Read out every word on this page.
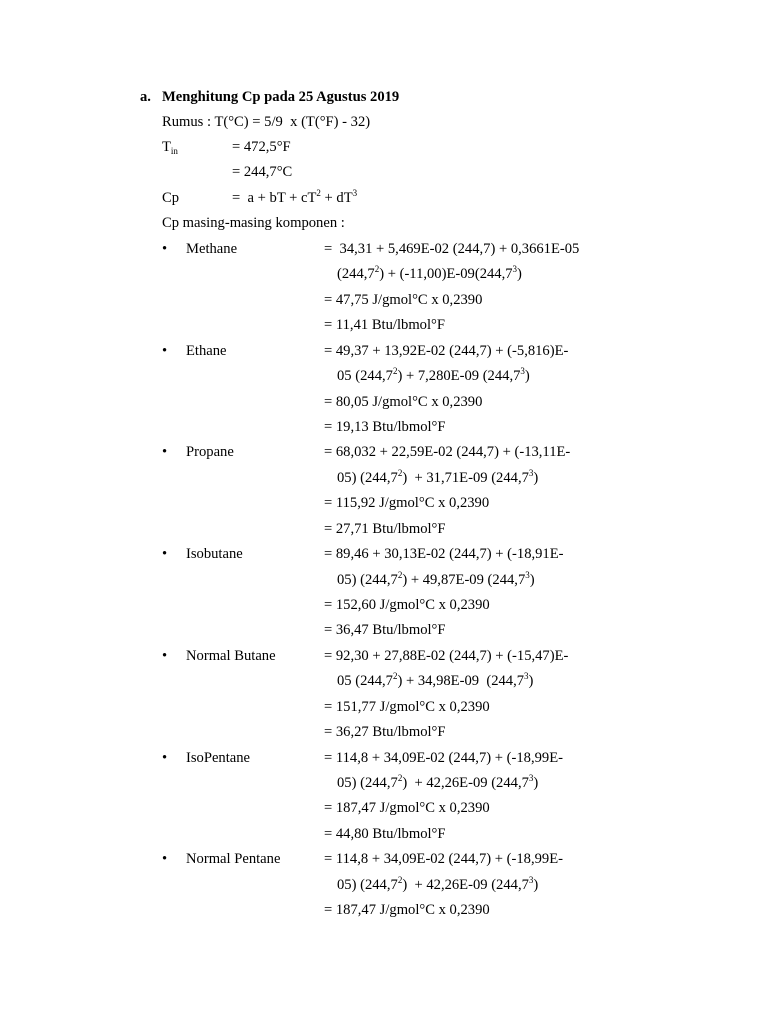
a. Menghitung Cp pada 25 Agustus 2019
Rumus : T(°C) = 5/9  x (T(°F) - 32)
$T_{in}$	= 472,5°F
= 244,7°C
Cp	=  a + bT + $cT^2 + dT^3$
Cp masing-masing komponen :
• Methane	=  34,31 + 5,469E-02 (244,7) + 0,3661E-05
$(244,7^2) + (-11,00)E-09(244,7^3)$
= 47,75 J/gmol°C x 0,2390
= 11,41 Btu/lbmol°F
• Ethane	= 49,37 + 13,92E-02 (244,7) + (-5,816)E-
05 $(244,7^2) + 7,280E-09$ $(244,7^3)$
= 80,05 J/gmol°C x 0,2390
= 19,13 Btu/lbmol°F
• Propane	= 68,032 + 22,59E-02 (244,7) + (-13,11E-
05) (244,7$^2$)  + 31,71E-09 $(244,7^3)$
= 115,92 J/gmol°C x 0,2390
= 27,71 Btu/lbmol°F
• Isobutane	= 89,46 + 30,13E-02 (244,7) + (-18,91E-
05) $(244,7^2) + 49,87E-09$ $(244,7^3)$
= 152,60 J/gmol°C x 0,2390
= 36,47 Btu/lbmol°F
• Normal Butane	= 92,30 + 27,88E-02 (244,7) + (-15,47)E-
05 $(244,7^2) + 34,98E-09$  $(244,7^3)$
= 151,77 J/gmol°C x 0,2390
= 36,27 Btu/lbmol°F
• IsoPentane	= 114,8 + 34,09E-02 (244,7) + (-18,99E-
05) (244,7$^2$)  + 42,26E-09 $(244,7^3)$
= 187,47 J/gmol°C x 0,2390
= 44,80 Btu/lbmol°F
• Normal Pentane	= 114,8 + 34,09E-02 (244,7) + (-18,99E-
05) (244,7$^2$)  + 42,26E-09 $(244,7^3)$
= 187,47 J/gmol°C x 0,2390
